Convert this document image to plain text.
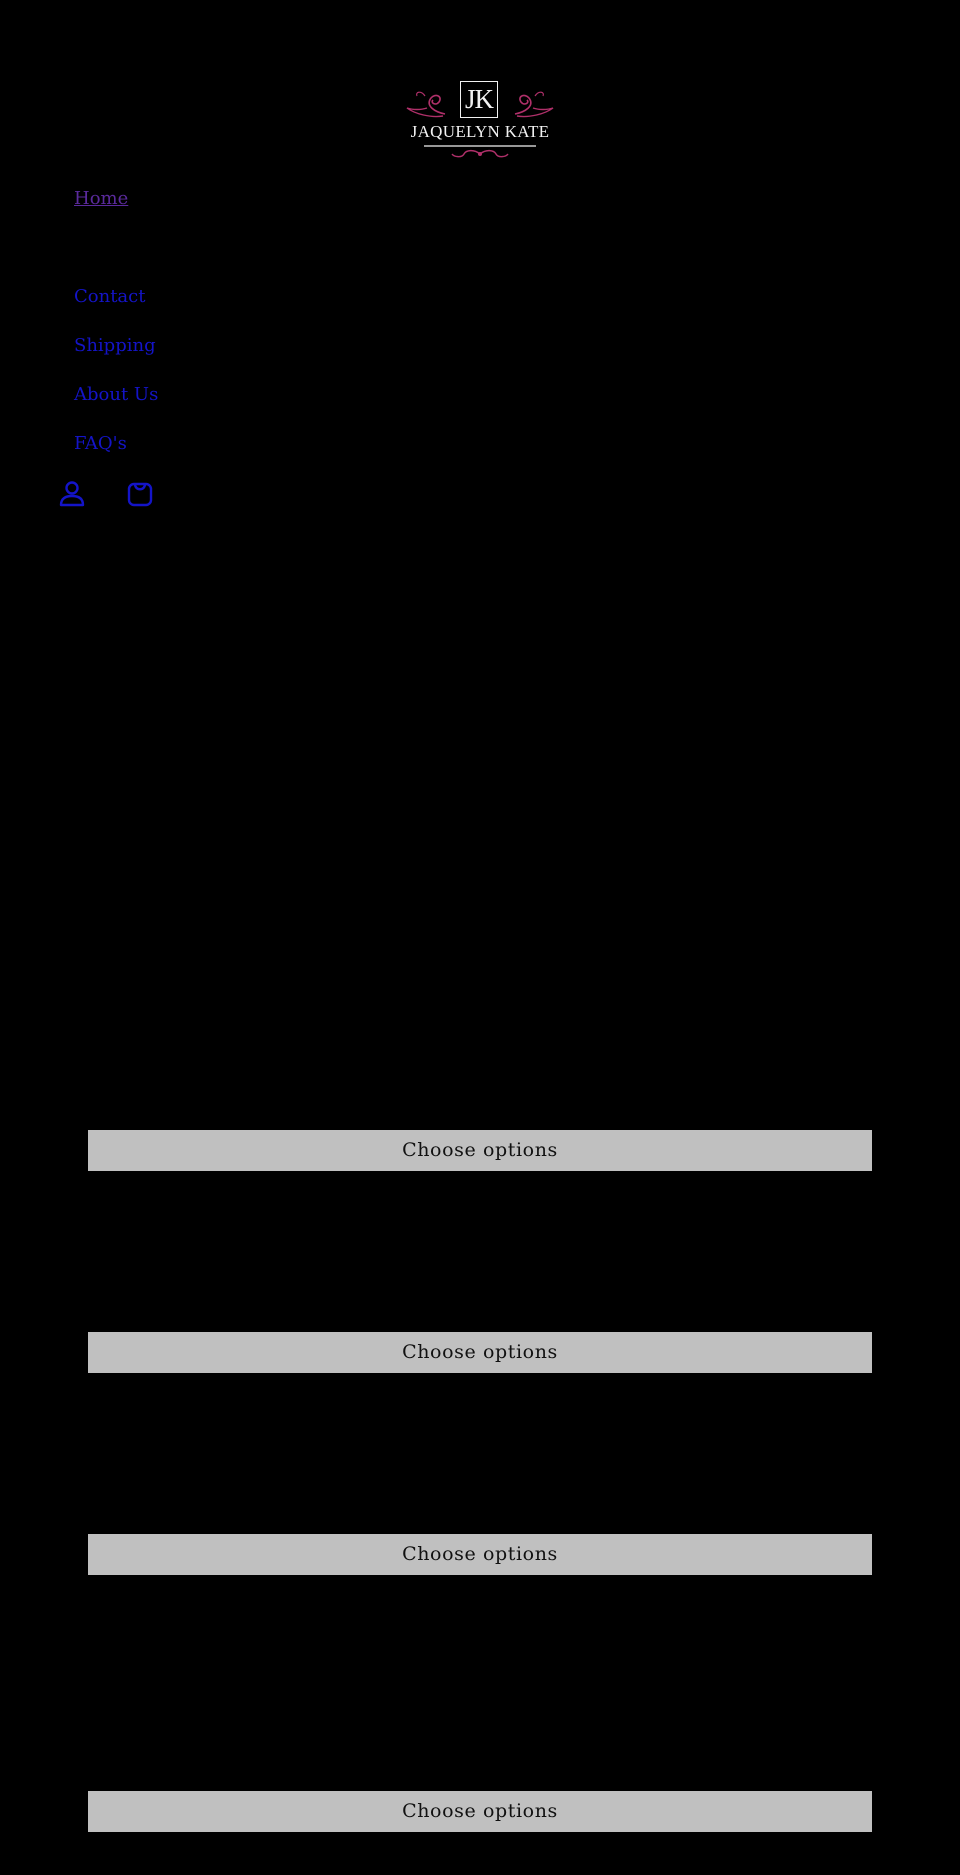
JK
JAQUELYN KATE
Home
Contact
Shipping
About Us
FAQ's
Choose options
Choose options
Choose options
Choose options
